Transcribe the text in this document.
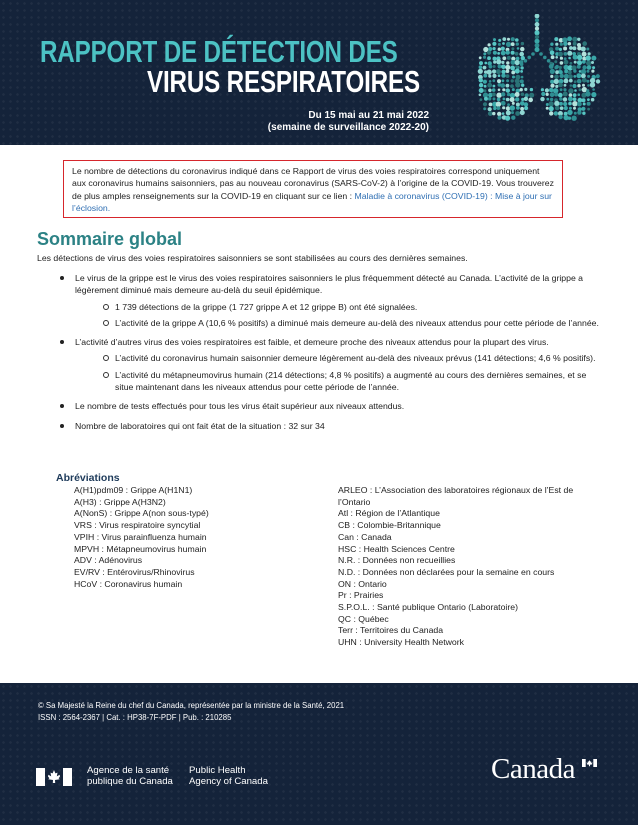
RAPPORT DE DÉTECTION DES
VIRUS RESPIRATOIRES
Du 15 mai au 21 mai 2022
(semaine de surveillance 2022-20)
Le nombre de détections du coronavirus indiqué dans ce Rapport de virus des voies respiratoires correspond uniquement aux coronavirus humains saisonniers, pas au nouveau coronavirus (SARS-CoV-2) à l’origine de la COVID-19. Vous trouverez de plus amples renseignements sur la COVID-19 en cliquant sur ce lien : Maladie à coronavirus (COVID-19) : Mise à jour sur l’éclosion.
Sommaire global
Les détections de virus des voies respiratoires saisonniers se sont stabilisées au cours des dernières semaines.
Le virus de la grippe est le virus des voies respiratoires saisonniers le plus fréquemment détecté au Canada. L’activité de la grippe a légèrement diminué mais demeure au-delà du seuil épidémique.
1 739 détections de la grippe (1 727 grippe A et 12 grippe B) ont été signalées.
L’activité de la grippe A (10,6 % positifs) a diminué mais demeure au-delà des niveaux attendus pour cette période de l’année.
L’activité d’autres virus des voies respiratoires est faible, et demeure proche des niveaux attendus pour la plupart des virus.
L’activité du coronavirus humain saisonnier demeure légèrement au-delà des niveaux prévus (141 détections; 4,6 % positifs).
L’activité du métapneumovirus humain (214 détections; 4,8 % positifs) a augmenté au cours des dernières semaines, et se situe maintenant dans les niveaux attendus pour cette période de l’année.
Le nombre de tests effectués pour tous les virus était supérieur aux niveaux attendus.
Nombre de laboratoires qui ont fait état de la situation : 32 sur 34
Abréviations
A(H1)pdm09 : Grippe A(H1N1)
A(H3) : Grippe A(H3N2)
A(NonS) : Grippe A(non sous-typé)
VRS : Virus respiratoire syncytial
VPIH : Virus parainfluenza humain
MPVH : Métapneumovirus humain
ADV : Adénovirus
EV/RV : Entérovirus/Rhinovirus
HCoV : Coronavirus humain
ARLEO : L’Association des laboratoires régionaux de l’Est de l’Ontario
Atl : Région de l’Atlantique
CB : Colombie-Britannique
Can : Canada
HSC : Health Sciences Centre
N.R. : Données non recueillies
N.D. : Données non déclarées pour la semaine en cours
ON : Ontario
Pr : Prairies
S.P.O.L. : Santé publique Ontario (Laboratoire)
QC : Québec
Terr : Territoires du Canada
UHN : University Health Network
© Sa Majesté la Reine du chef du Canada, représentée par la ministre de la Santé, 2021
ISSN : 2564-2367 | Cat. : HP38-7F-PDF | Pub. : 210285
Agence de la santé
publique du Canada
Public Health
Agency of Canada	Canada
